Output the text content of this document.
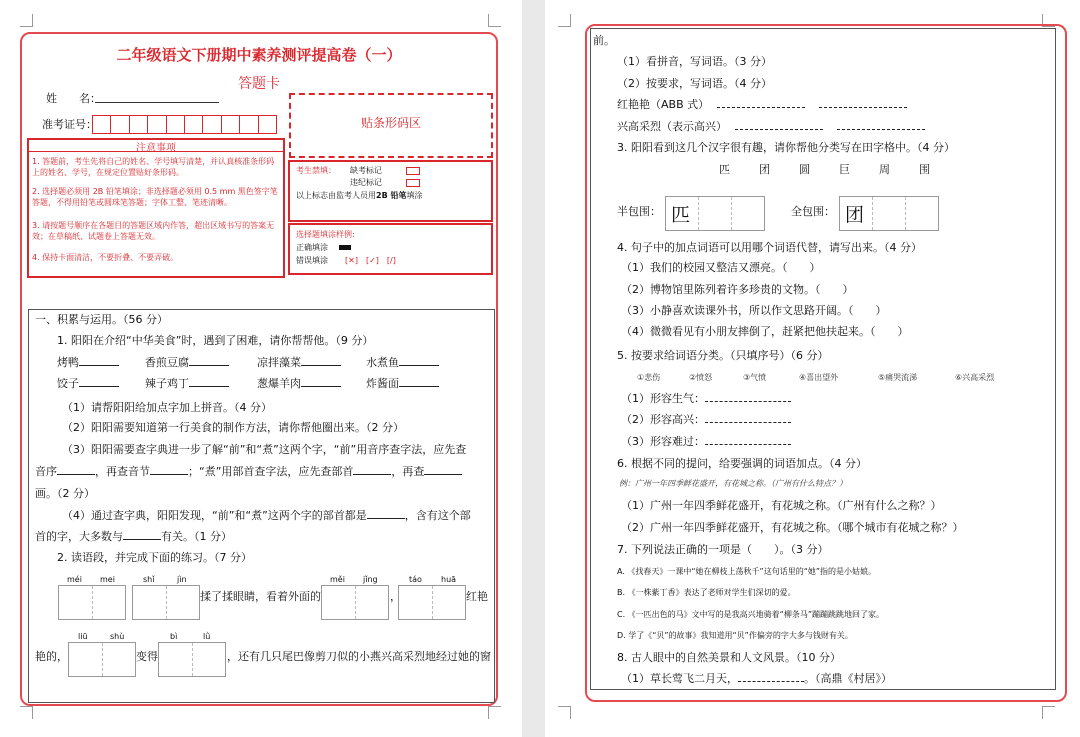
二年级语文下册期中素养测评提高卷（一）
答题卡
姓　　名：
准考证号：	贴条形码区
注意事项
1. 答题前，考生先将自己的姓名、学号填写清楚，并认真核准条形码上的姓名、学号，在规定位置贴好条形码。
2. 选择题必须用 2B 铅笔填涂；非选择题必须用 0.5 mm 黑色签字笔答题，不得用铅笔或圆珠笔答题；字体工整、笔迹清晰。
3. 请按题号顺序在各题目的答题区域内作答，超出区域书写的答案无效；在草稿纸、试题卷上答题无效。
4. 保持卡面清洁，不要折叠、不要弄破。
考生禁填： 缺考标记
违纪标记
以上标志由监考人员用2B 铅笔填涂
选择题填涂样例:
正确填涂
错误填涂 [✕]　[✓]　[/]
一、积累与运用。（56 分）
1. 阳阳在介绍“中华美食”时，遇到了困难，请你帮帮他。（9 分）
烤鸭	香煎豆腐	凉拌藻菜	水煮鱼
饺子	辣子鸡丁	葱爆羊肉	炸酱面
（1）请帮阳阳给加点字加上拼音。（4 分）
（2）阳阳需要知道第一行美食的制作方法，请你帮他圈出来。（2 分）
（3）阳阳需要查字典进一步了解“前”和“煮”这两个字，“前”用音序查字法，应先查
音序	，再查音节	；“煮”用部首查字法，应先查部首	，再查
画。（2 分）
（4）通过查字典，阳阳发现，“前”和“煮”这两个字的部首都是	，含有这个部
首的字，大多数与	有关。（1 分）
2. 读语段，并完成下面的练习。（7 分）
méi mei	shǐ	jìn	měi jǐng	táo huā
揉了揉眼睛，看着外面的	，	红艳
liū	shù	bì	lǜ
艳的，	变得	，还有几只尾巴像剪刀似的小燕兴高采烈地经过她的窗
前。
（1）看拼音，写词语。（3 分）
（2）按要求，写词语。（4 分）
红艳艳（ABB 式）
兴高采烈（表示高兴）
3. 阳阳看到这几个汉字很有趣，请你帮他分类写在田字格中。（4 分）
匹	团	圆	巨	周	围
半包围： 匹	全包围： 团
4. 句子中的加点词语可以用哪个词语代替，请写出来。（4 分）
（1）我们的校园又整洁又漂亮。（　　）
（2）博物馆里陈列着许多珍贵的文物。（　　）
（3）小静喜欢读课外书，所以作文思路开阔。（　　）
（4）微微看见有小朋友摔倒了，赶紧把他扶起来。（　　）
5. 按要求给词语分类。（只填序号）（6 分）
①悲伤	②愤怒	③气愤	④喜出望外	⑤痛哭流涕	⑥兴高采烈
（1）形容生气：
（2）形容高兴：
（3）形容难过：
6. 根据不同的提问，给要强调的词语加点。（4 分）
例：广州一年四季鲜花盛开，有花城之称。（广州有什么特点？）
（1）广州一年四季鲜花盛开，有花城之称。（广州有什么之称？）
（2）广州一年四季鲜花盛开，有花城之称。（哪个城市有花城之称？）
7. 下列说法正确的一项是（　　）。（3 分）
A. 《找春天》一课中“她在柳枝上荡秋千”这句话里的“她”指的是小姑娘。
B. 《一株紫丁香》表达了老师对学生们深切的爱。
C. 《一匹出色的马》文中写的是我高兴地骑着“柳条马”蹦蹦跳跳地回了家。
D. 学了《“贝”的故事》我知道用“贝”作偏旁的字大多与钱财有关。
8. 古人眼中的自然美景和人文风景。（10 分）
（1）草长莺飞二月天，	。（高鼎《村居》）
